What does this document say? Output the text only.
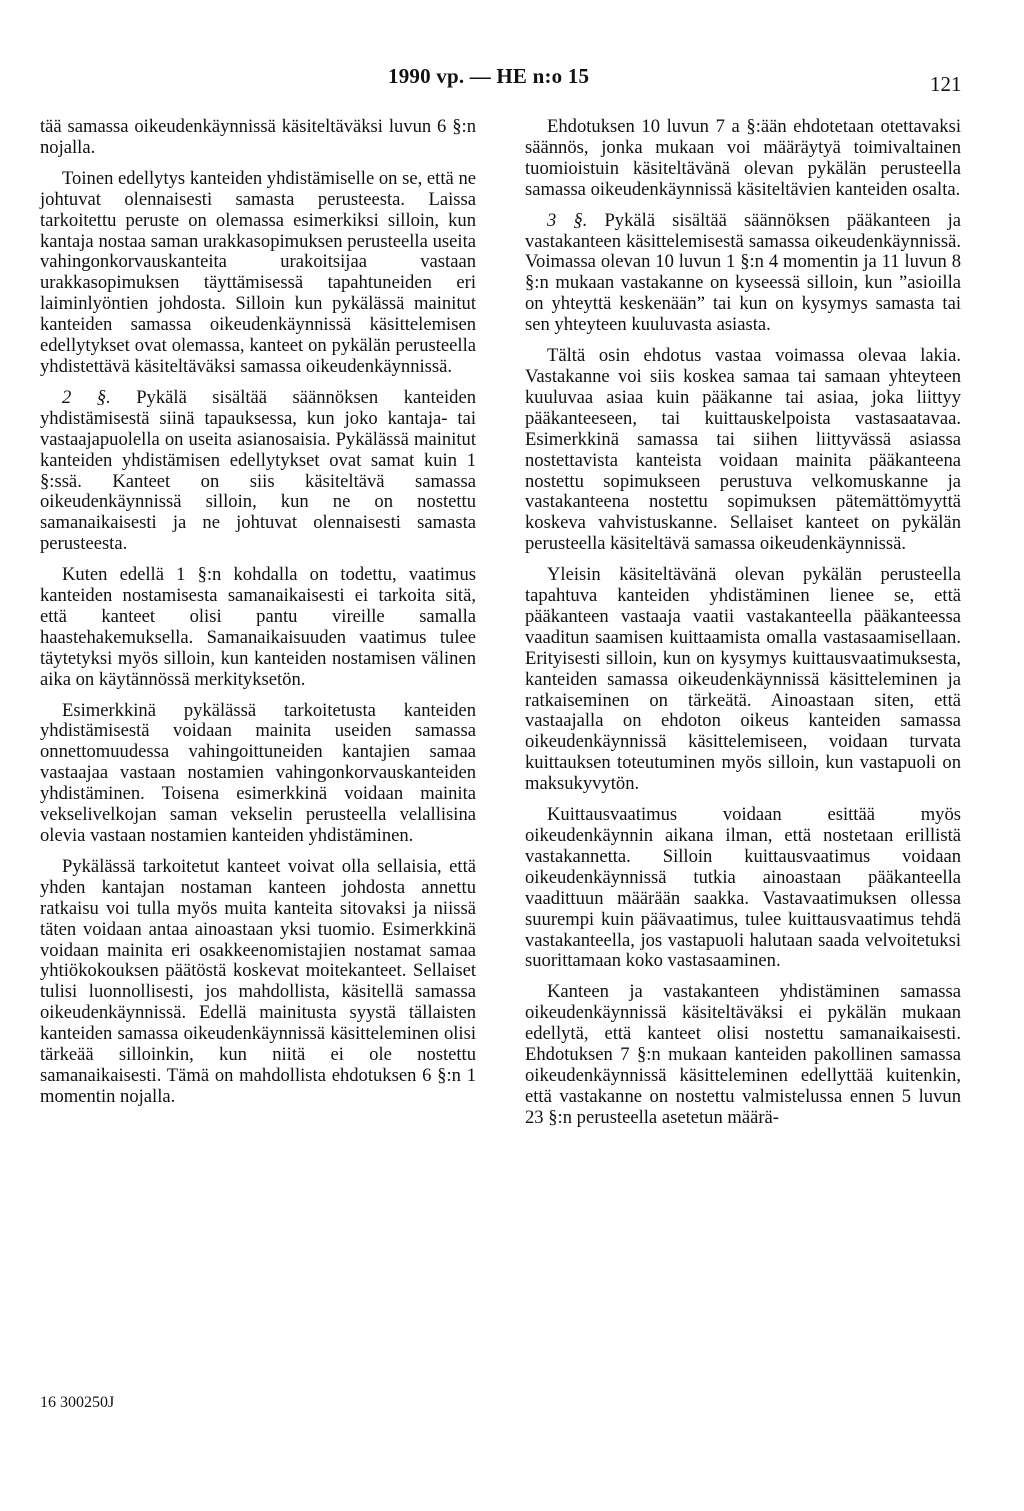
1990 vp. — HE n:o 15	121

tää samassa oikeudenkäynnissä käsiteltäväksi luvun 6 §:n nojalla.

Toinen edellytys kanteiden yhdistämiselle on se, että ne johtuvat olennaisesti samasta perusteesta. Laissa tarkoitettu peruste on olemassa esimerkiksi silloin, kun kantaja nostaa saman urakkasopimuksen perusteella useita vahingonkorvauskanteita urakoitsijaa vastaan urakkasopimuksen täyttämisessä tapahtuneiden eri laiminlyöntien johdosta. Silloin kun pykälässä mainitut kanteiden samassa oikeudenkäynnissä käsittelemisen edellytykset ovat olemassa, kanteet on pykälän perusteella yhdistettävä käsiteltäväksi samassa oikeudenkäynnissä.

2 §. Pykälä sisältää säännöksen kanteiden yhdistämisestä siinä tapauksessa, kun joko kantaja- tai vastaajapuolella on useita asianosaisia. Pykälässä mainitut kanteiden yhdistämisen edellytykset ovat samat kuin 1 §:ssä. Kanteet on siis käsiteltävä samassa oikeudenkäynnissä silloin, kun ne on nostettu samanaikaisesti ja ne johtuvat olennaisesti samasta perusteesta.

Kuten edellä 1 §:n kohdalla on todettu, vaatimus kanteiden nostamisesta samanaikaisesti ei tarkoita sitä, että kanteet olisi pantu vireille samalla haastehakemuksella. Samanaikaisuuden vaatimus tulee täytetyksi myös silloin, kun kanteiden nostamisen välinen aika on käytännössä merkityksetön.

Esimerkkinä pykälässä tarkoitetusta kanteiden yhdistämisestä voidaan mainita useiden samassa onnettomuudessa vahingoittuneiden kantajien samaa vastaajaa vastaan nostamien vahingonkorvauskanteiden yhdistäminen. Toisena esimerkkinä voidaan mainita vekselivelkojan saman vekselin perusteella velallisina olevia vastaan nostamien kanteiden yhdistäminen.

Pykälässä tarkoitetut kanteet voivat olla sellaisia, että yhden kantajan nostaman kanteen johdosta annettu ratkaisu voi tulla myös muita kanteita sitovaksi ja niissä täten voidaan antaa ainoastaan yksi tuomio. Esimerkkinä voidaan mainita eri osakkeenomistajien nostamat samaa yhtiökokouksen päätöstä koskevat moitekanteet. Sellaiset tulisi luonnollisesti, jos mahdollista, käsitellä samassa oikeudenkäynnissä. Edellä mainitusta syystä tällaisten kanteiden samassa oikeudenkäynnissä käsitteleminen olisi tärkeää silloinkin, kun niitä ei ole nostettu samanaikaisesti. Tämä on mahdollista ehdotuksen 6 §:n 1 momentin nojalla.

Ehdotuksen 10 luvun 7 a §:ään ehdotetaan otettavaksi säännös, jonka mukaan voi määräytyä toimivaltainen tuomioistuin käsiteltävänä olevan pykälän perusteella samassa oikeudenkäynnissä käsiteltävien kanteiden osalta.

3 §. Pykälä sisältää säännöksen pääkanteen ja vastakanteen käsittelemisestä samassa oikeudenkäynnissä. Voimassa olevan 10 luvun 1 §:n 4 momentin ja 11 luvun 8 §:n mukaan vastakanne on kyseessä silloin, kun ”asioilla on yhteyttä keskenään” tai kun on kysymys samasta tai sen yhteyteen kuuluvasta asiasta.

Tältä osin ehdotus vastaa voimassa olevaa lakia. Vastakanne voi siis koskea samaa tai samaan yhteyteen kuuluvaa asiaa kuin pääkanne tai asiaa, joka liittyy pääkanteeseen, tai kuittauskelpoista vastasaatavaa. Esimerkkinä samassa tai siihen liittyvässä asiassa nostettavista kanteista voidaan mainita pääkanteena nostettu sopimukseen perustuva velkomuskanne ja vastakanteena nostettu sopimuksen pätemättömyyttä koskeva vahvistuskanne. Sellaiset kanteet on pykälän perusteella käsiteltävä samassa oikeudenkäynnissä.

Yleisin käsiteltävänä olevan pykälän perusteella tapahtuva kanteiden yhdistäminen lienee se, että pääkanteen vastaaja vaatii vastakanteella pääkanteessa vaaditun saamisen kuittaamista omalla vastasaamisellaan. Erityisesti silloin, kun on kysymys kuittausvaatimuksesta, kanteiden samassa oikeudenkäynnissä käsitteleminen ja ratkaiseminen on tärkeätä. Ainoastaan siten, että vastaajalla on ehdoton oikeus kanteiden samassa oikeudenkäynnissä käsittelemiseen, voidaan turvata kuittauksen toteutuminen myös silloin, kun vastapuoli on maksukyvytön.

Kuittausvaatimus voidaan esittää myös oikeudenkäynnin aikana ilman, että nostetaan erillistä vastakannetta. Silloin kuittausvaatimus voidaan oikeudenkäynnissä tutkia ainoastaan pääkanteella vaadittuun määrään saakka. Vastavaatimuksen ollessa suurempi kuin päävaatimus, tulee kuittausvaatimus tehdä vastakanteella, jos vastapuoli halutaan saada velvoitetuksi suorittamaan koko vastasaaminen.

Kanteen ja vastakanteen yhdistäminen samassa oikeudenkäynnissä käsiteltäväksi ei pykälän mukaan edellytä, että kanteet olisi nostettu samanaikaisesti. Ehdotuksen 7 §:n mukaan kanteiden pakollinen samassa oikeudenkäynnissä käsitteleminen edellyttää kuitenkin, että vastakanne on nostettu valmistelussa ennen 5 luvun 23 §:n perusteella asetetun määrä-

16 300250J
